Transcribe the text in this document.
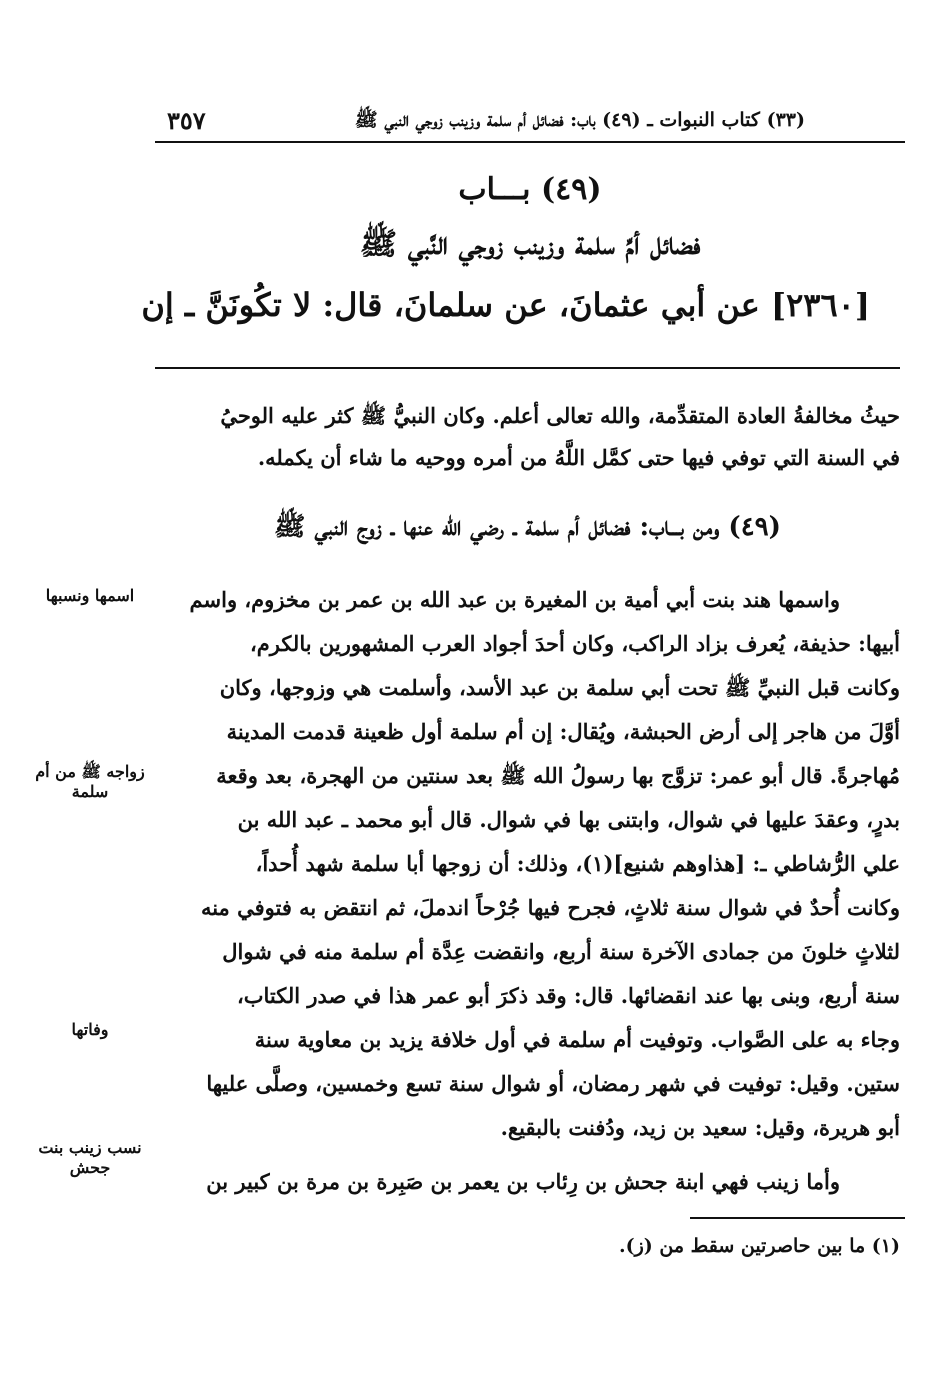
(٣٣) كتاب النبوات ـ (٤٩) باب: فضائل أم سلمة وزينب زوجي النبي ﷺ
٣٥٧
(٤٩) بـــاب
فضائل أمِّ سلمة وزينب زوجي النَّبي ﷺ
[٢٣٦٠] عن أبي عثمانَ، عن سلمانَ، قال: لا تكُونَنَّ ـ إن
حيثُ مخالفةُ العادة المتقدِّمة، والله تعالى أعلم. وكان النبيُّ ﷺ كثر عليه الوحيُ
في السنة التي توفي فيها حتى كمَّل اللَّهُ من أمره ووحيه ما شاء أن يكمله.
(٤٩) ومن بـــاب: فضائل أم سلمة ـ رضي الله عنها ـ زوج النبي ﷺ
واسمها هند بنت أبي أمية بن المغيرة بن عبد الله بن عمر بن مخزوم، واسم
أبيها: حذيفة، يُعرف بزاد الراكب، وكان أحدَ أجواد العرب المشهورين بالكرم،
وكانت قبل النبيِّ ﷺ تحت أبي سلمة بن عبد الأسد، وأسلمت هي وزوجها، وكان
أوَّلَ من هاجر إلى أرض الحبشة، ويُقال: إن أم سلمة أول ظعينة قدمت المدينة
مُهاجرةً. قال أبو عمر: تزوَّج بها رسولُ الله ﷺ بعد سنتين من الهجرة، بعد وقعة
بدرٍ، وعقدَ عليها في شوال، وابتنى بها في شوال. قال أبو محمد ـ عبد الله بن
علي الرُّشاطي ـ: [هذاوهم شنيع](١)، وذلك: أن زوجها أبا سلمة شهد أُحداً،
وكانت أُحدٌ في شوال سنة ثلاثٍ، فجرح فيها جُرْحاً اندملَ، ثم انتقض به فتوفي منه
لثلاثٍ خلونَ من جمادى الآخرة سنة أربع، وانقضت عِدَّة أم سلمة منه في شوال
سنة أربع، وبنى بها عند انقضائها. قال: وقد ذكرَ أبو عمر هذا في صدر الكتاب،
وجاء به على الصَّواب. وتوفيت أم سلمة في أول خلافة يزيد بن معاوية سنة
ستين. وقيل: توفيت في شهر رمضان، أو شوال سنة تسع وخمسين، وصلَّى عليها
أبو هريرة، وقيل: سعيد بن زيد، ودُفنت بالبقيع.
وأما زينب فهي ابنة جحش بن رِئاب بن يعمر بن صَبِرة بن مرة بن كبير بن
اسمها ونسبها
زواجه ﷺ من أم سلمة
وفاتها
نسب زينب بنت جحش
(١) ما بين حاصرتين سقط من (ز).
